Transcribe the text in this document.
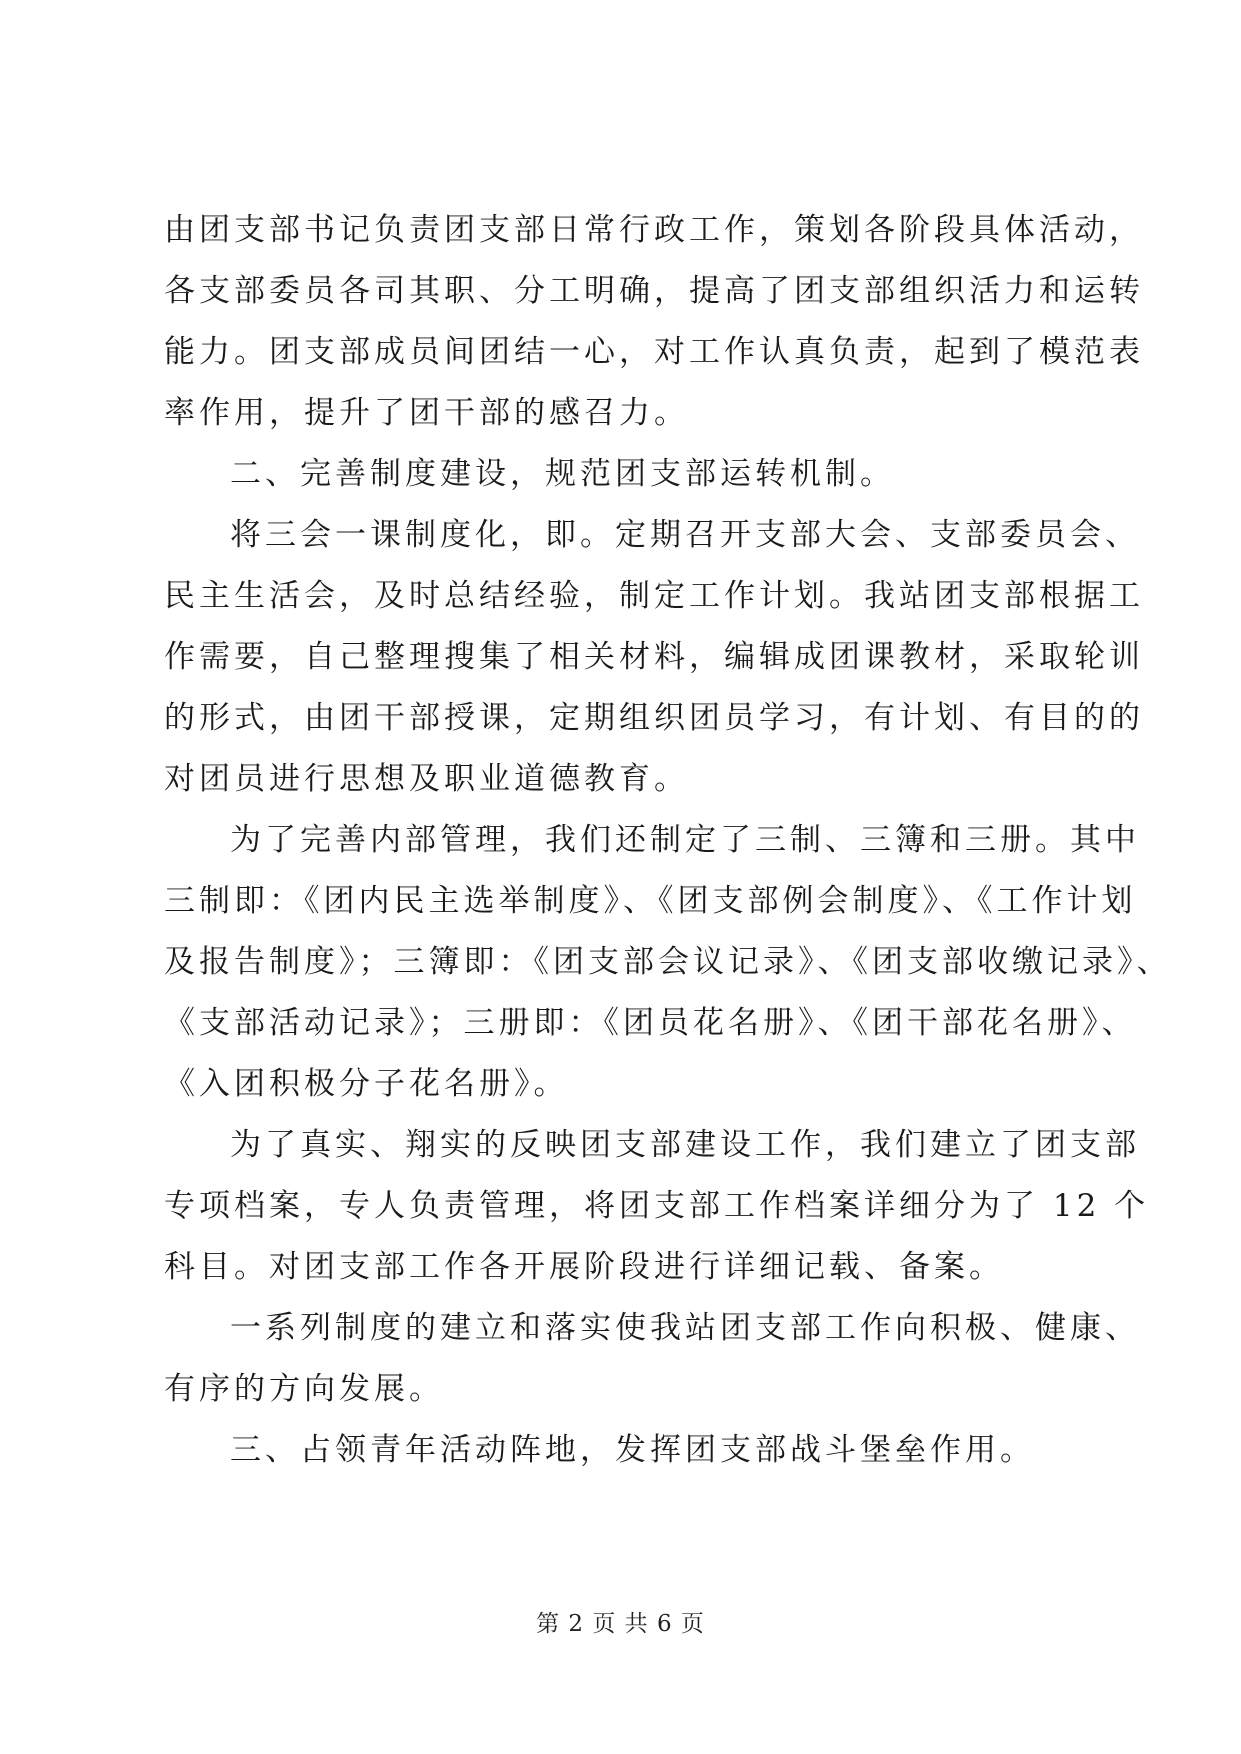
由团支部书记负责团支部日常行政工作，策划各阶段具体活动，
各支部委员各司其职、分工明确，提高了团支部组织活力和运转
能力。团支部成员间团结一心，对工作认真负责，起到了模范表
率作用，提升了团干部的感召力。
二、完善制度建设，规范团支部运转机制。
将三会一课制度化，即。定期召开支部大会、支部委员会、
民主生活会，及时总结经验，制定工作计划。我站团支部根据工
作需要，自己整理搜集了相关材料，编辑成团课教材，采取轮训
的形式，由团干部授课，定期组织团员学习，有计划、有目的的
对团员进行思想及职业道德教育。
为了完善内部管理，我们还制定了三制、三簿和三册。其中
三制即：《团内民主选举制度》、《团支部例会制度》、《工作计划
及报告制度》；三簿即：《团支部会议记录》、《团支部收缴记录》、
《支部活动记录》；三册即：《团员花名册》、《团干部花名册》、
《入团积极分子花名册》。
为了真实、翔实的反映团支部建设工作，我们建立了团支部
专项档案，专人负责管理，将团支部工作档案详细分为了 12 个
科目。对团支部工作各开展阶段进行详细记载、备案。
一系列制度的建立和落实使我站团支部工作向积极、健康、
有序的方向发展。
三、占领青年活动阵地，发挥团支部战斗堡垒作用。
第 2 页 共 6 页
